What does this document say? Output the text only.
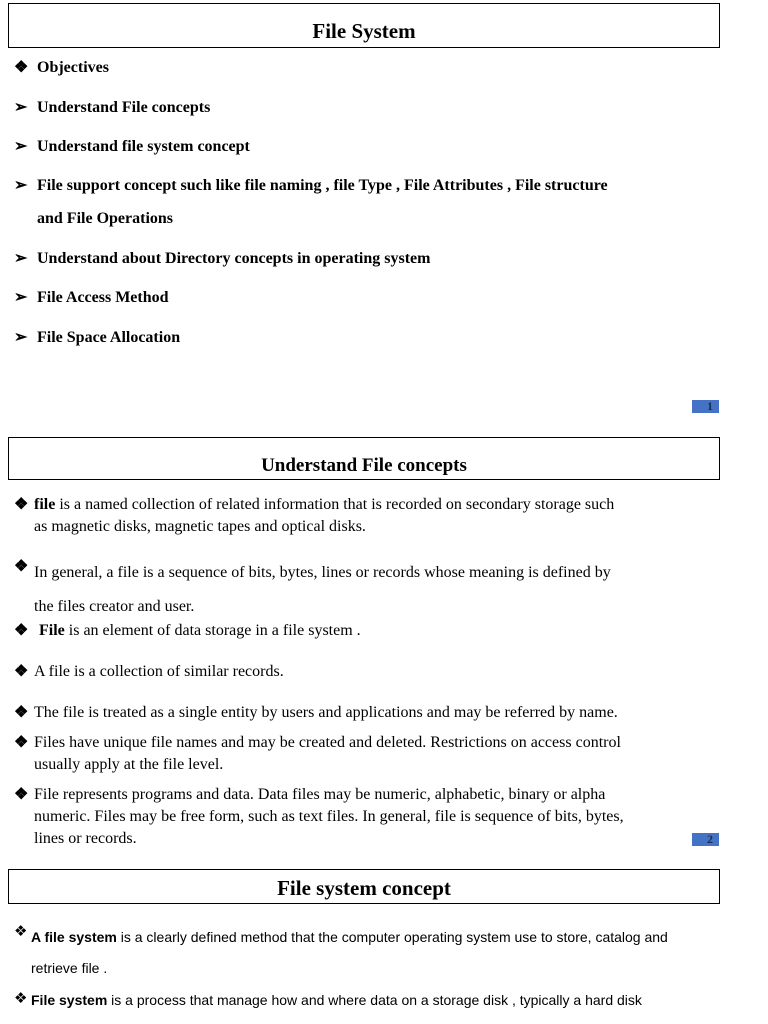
File System
❖ Objectives
➢ Understand File concepts
➢ Understand file system concept
➢ File support concept such like file naming , file Type , File Attributes , File structure
and File Operations
➢ Understand about Directory concepts in operating system
➢ File Access Method
➢ File Space Allocation
1
Understand File concepts
❖ file is a named collection of related information that is recorded on secondary storage such
as magnetic disks, magnetic tapes and optical disks.
❖ In general, a file is a sequence of bits, bytes, lines or records whose meaning is defined by
the files creator and user.
❖ File is an element of data storage in a file system .
❖ A file is a collection of similar records.
❖ The file is treated as a single entity by users and applications and may be referred by name.
❖ Files have unique file names and may be created and deleted. Restrictions on access control
usually apply at the file level.
❖ File represents programs and data. Data files may be numeric, alphabetic, binary or alpha
numeric. Files may be free form, such as text files. In general, file is sequence of bits, bytes,
lines or records.	2
File system concept
❖ A file system is a clearly defined method that the computer operating system use to store, catalog and
retrieve file .
❖ File system is a process that manage how and where data on a storage disk , typically a hard disk
